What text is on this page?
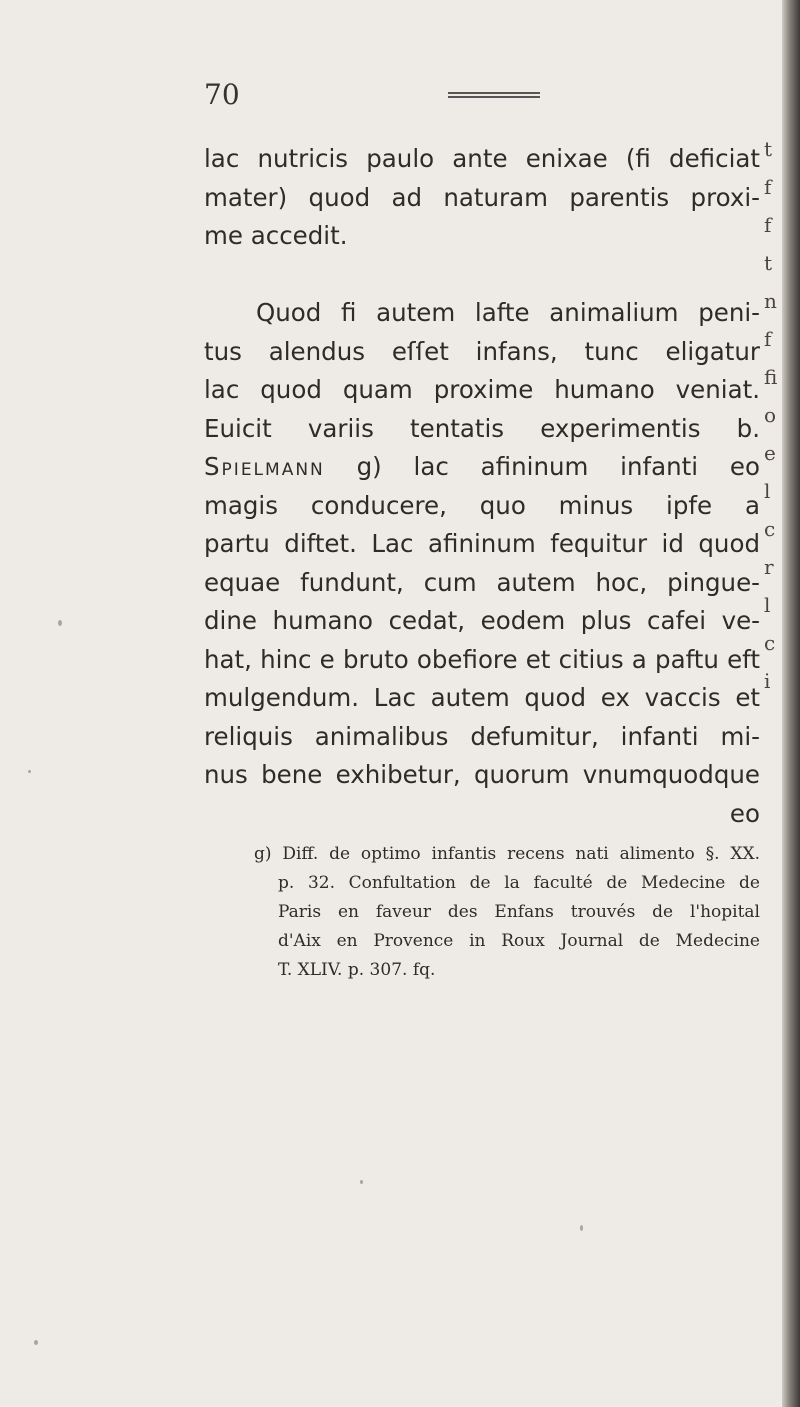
70
lac nutricis paulo ante enixae (fi deficiat
mater) quod ad naturam parentis proxi-
me accedit.
Quod fi autem lafte animalium peni-
tus alendus eſſet infans, tunc eligatur
lac quod quam proxime humano veniat.
Euicit variis tentatis experimentis b.
Spielmann g) lac afininum infanti eo
magis conducere, quo minus ipfe a
partu diftet. Lac afininum fequitur id quod
equae fundunt, cum autem hoc, pingue-
dine humano cedat, eodem plus cafei ve-
hat, hinc e bruto obefiore et citius a paftu eft
mulgendum. Lac autem quod ex vaccis et
reliquis animalibus defumitur, infanti mi-
nus bene exhibetur, quorum vnumquodque
eo
g) Diff. de optimo infantis recens nati alimento §. XX.
p. 32. Confultation de la faculté de Medecine de
Paris en faveur des Enfans trouvés de l'hopital
d'Aix en Provence in Roux Journal de Medecine
T. XLIV. p. 307. fq.
t
f
f
t
n
f
fi
o
e
l
c
r
l
c
i
